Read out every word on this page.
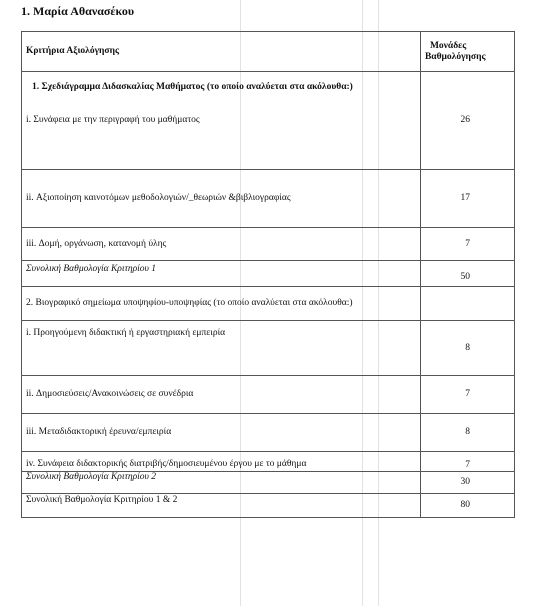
1. Μαρία Αθανασέκου
Κριτήρια Αξιολόγησης	Μονάδες
Βαθμολόγησης

1. Σχεδιάγραμμα Διδασκαλίας Μαθήματος (το οποίο αναλύεται στα ακόλουθα:)
i. Συνάφεια με την περιγραφή του μαθήματος	26
ii. Αξιοποίηση καινοτόμων μεθοδολογιών/_θεωριών &βιβλιογραφίας	17
iii. Δομή, οργάνωση, κατανομή ύλης	7
Συνολική Βαθμολογία Κριτηρίου 1	50
2. Βιογραφικό σημείωμα υποψηφίου-υποψηφίας (το οποίο αναλύεται στα ακόλουθα:)	
i. Προηγούμενη διδακτική ή εργαστηριακή εμπειρία	8
ii. Δημοσιεύσεις/Ανακοινώσεις σε συνέδρια	7
iii. Μεταδιδακτορική έρευνα/εμπειρία	8
iv. Συνάφεια διδακτορικής διατριβής/δημοσιευμένου έργου με το μάθημα	7
Συνολική Βαθμολογία Κριτηρίου 2	30
Συνολική Βαθμολογία Κριτηρίου 1 & 2	80
